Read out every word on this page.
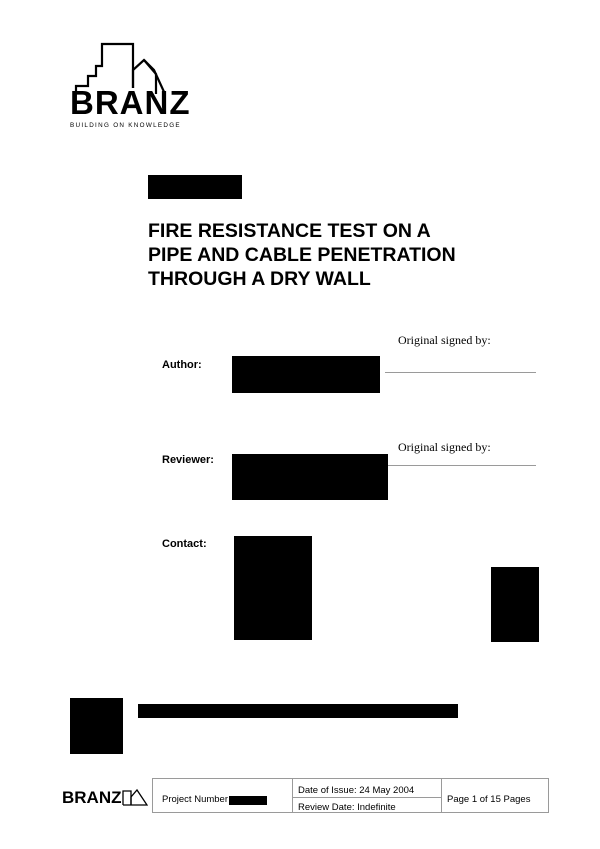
BRANZ
BUILDING ON KNOWLEDGE
FIRE RESISTANCE TEST ON A PIPE AND CABLE PENETRATION THROUGH A DRY WALL
Original signed by:
Author:
Original signed by:
Reviewer:
Contact:
BRANZ	Project Number
Date of Issue: 24 May 2004
Review Date: Indefinite
Page 1 of 15 Pages
